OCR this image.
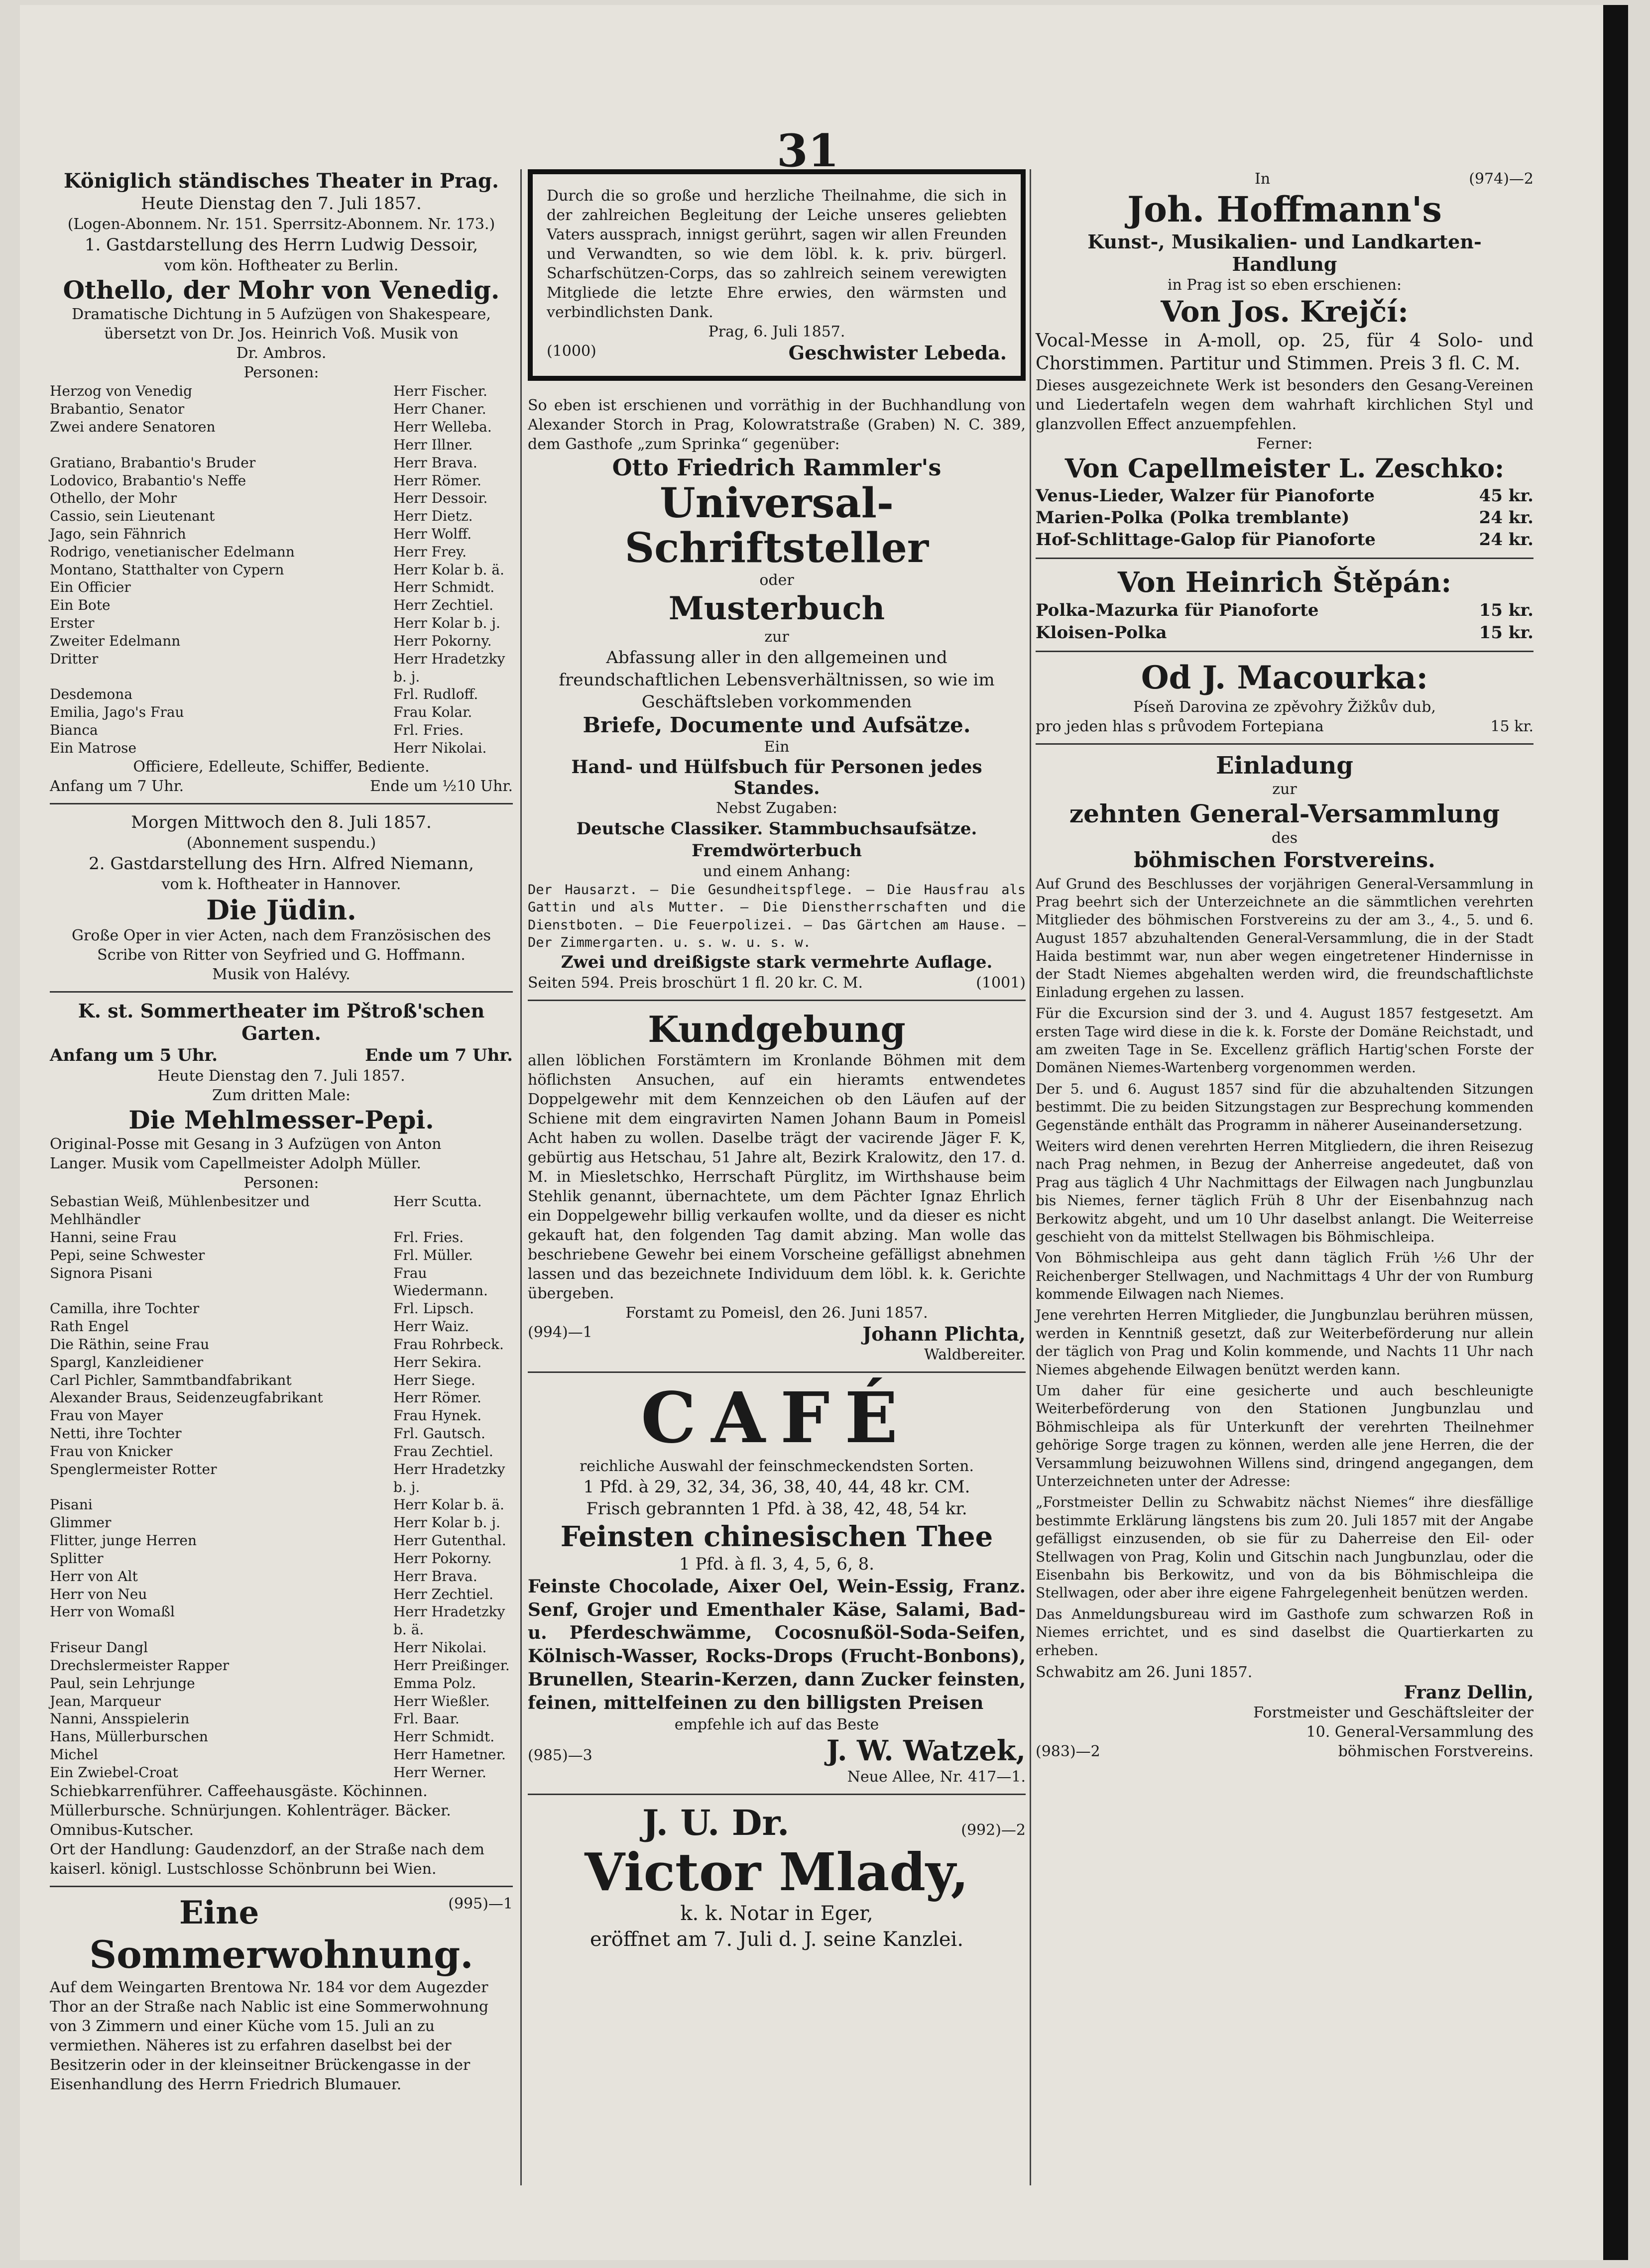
31
Königlich ständisches Theater in Prag.
Heute Dienstag den 7. Juli 1857.
(Logen-Abonnem. Nr. 151. Sperrsitz-Abonnem. Nr. 173.)
1. Gastdarstellung des Herrn Ludwig Dessoir,
vom kön. Hoftheater zu Berlin.
Othello, der Mohr von Venedig.
Dramatische Dichtung in 5 Aufzügen von Shakespeare,
übersetzt von Dr. Jos. Heinrich Voß. Musik von
Dr. Ambros.
Personen:
Herzog von Venedig	Herr Fischer.
Brabantio, Senator	Herr Chaner.
Zwei andere Senatoren	Herr Welleba.
	Herr Illner.
Gratiano, Brabantio's Bruder	Herr Brava.
Lodovico, Brabantio's Neffe	Herr Römer.
Othello, der Mohr	Herr Dessoir.
Cassio, sein Lieutenant	Herr Dietz.
Jago, sein Fähnrich	Herr Wolff.
Rodrigo, venetianischer Edelmann	Herr Frey.
Montano, Statthalter von Cypern	Herr Kolar b. ä.
Ein Officier	Herr Schmidt.
Ein Bote	Herr Zechtiel.
Erster	Herr Kolar b. j.
Zweiter Edelmann	Herr Pokorny.
Dritter	Herr Hradetzky b. j.
Desdemona	Frl. Rudloff.
Emilia, Jago's Frau	Frau Kolar.
Bianca	Frl. Fries.
Ein Matrose	Herr Nikolai.
Officiere, Edelleute, Schiffer, Bediente.
Anfang um 7 Uhr.	Ende um ½10 Uhr.
Morgen Mittwoch den 8. Juli 1857.
(Abonnement suspendu.)
2. Gastdarstellung des Hrn. Alfred Niemann,
vom k. Hoftheater in Hannover.
Die Jüdin.
Große Oper in vier Acten, nach dem Französischen des
Scribe von Ritter von Seyfried und G. Hoffmann.
Musik von Halévy.
K. st. Sommertheater im Pštroß'schen Garten.
Anfang um 5 Uhr.	Ende um 7 Uhr.
Heute Dienstag den 7. Juli 1857.
Zum dritten Male:
Die Mehlmesser-Pepi.
Original-Posse mit Gesang in 3 Aufzügen von Anton
Langer. Musik vom Capellmeister Adolph Müller.
Personen:
Sebastian Weiß, Mühlenbesitzer und Mehlhändler	Herr Scutta.
Hanni, seine Frau	Frl. Fries.
Pepi, seine Schwester	Frl. Müller.
Signora Pisani	Frau Wiedermann.
Camilla, ihre Tochter	Frl. Lipsch.
Rath Engel	Herr Waiz.
Die Räthin, seine Frau	Frau Rohrbeck.
Spargl, Kanzleidiener	Herr Sekira.
Carl Pichler, Sammtbandfabrikant	Herr Siege.
Alexander Braus, Seidenzeugfabrikant	Herr Römer.
Frau von Mayer	Frau Hynek.
Netti, ihre Tochter	Frl. Gautsch.
Frau von Knicker	Frau Zechtiel.
Spenglermeister Rotter	Herr Hradetzky b. j.
Pisani	Herr Kolar b. ä.
Glimmer	Herr Kolar b. j.
Flitter, junge Herren	Herr Gutenthal.
Splitter	Herr Pokorny.
Herr von Alt	Herr Brava.
Herr von Neu	Herr Zechtiel.
Herr von Womaßl	Herr Hradetzky b. ä.
Friseur Dangl	Herr Nikolai.
Drechslermeister Rapper	Herr Preißinger.
Paul, sein Lehrjunge	Emma Polz.
Jean, Marqueur	Herr Wießler.
Nanni, Ansspielerin	Frl. Baar.
Hans, Müllerburschen	Herr Schmidt.
Michel	Herr Hametner.
Ein Zwiebel-Croat	Herr Werner.
Schiebkarrenführer. Caffeehausgäste. Köchinnen. Müllerbursche. Schnürjungen. Kohlenträger. Bäcker. Omnibus-Kutscher.
Ort der Handlung: Gaudenzdorf, an der Straße nach dem kaiserl. königl. Lustschlosse Schönbrunn bei Wien.
Eine	(995)—1
Sommerwohnung.
Auf dem Weingarten Brentowa Nr. 184 vor dem Augezder Thor an der Straße nach Nablic ist eine Sommerwohnung von 3 Zimmern und einer Küche vom 15. Juli an zu vermiethen. Näheres ist zu erfahren daselbst bei der Besitzerin oder in der kleinseitner Brückengasse in der Eisenhandlung des Herrn Friedrich Blumauer.
Durch die so große und herzliche Theilnahme, die sich in der zahlreichen Begleitung der Leiche unseres geliebten Vaters aussprach, innigst gerührt, sagen wir allen Freunden und Verwandten, so wie dem löbl. k. k. priv. bürgerl. Scharfschützen-Corps, das so zahlreich seinem verewigten Mitgliede die letzte Ehre erwies, den wärmsten und verbindlichsten Dank.
Prag, 6. Juli 1857.
(1000)	Geschwister Lebeda.
So eben ist erschienen und vorräthig in der Buchhandlung von Alexander Storch in Prag, Kolowratstraße (Graben) N. C. 389, dem Gasthofe „zum Sprinka“ gegenüber:
Otto Friedrich Rammler's
Universal-Schriftsteller
oder
Musterbuch
zur
Abfassung aller in den allgemeinen und freundschaftlichen Lebensverhältnissen, so wie im Geschäftsleben vorkommenden
Briefe, Documente und Aufsätze.
Ein
Hand- und Hülfsbuch für Personen jedes Standes.
Nebst Zugaben:
Deutsche Classiker. Stammbuchsaufsätze. Fremdwörterbuch
und einem Anhang:
Der Hausarzt. — Die Gesundheitspflege. — Die Hausfrau als Gattin und als Mutter. — Die Dienstherrschaften und die Dienstboten. — Die Feuerpolizei. — Das Gärtchen am Hause. — Der Zimmergarten. u. s. w. u. s. w.
Zwei und dreißigste stark vermehrte Auflage.
Seiten 594. Preis broschürt 1 fl. 20 kr. C. M.	(1001)
Kundgebung
allen löblichen Forstämtern im Kronlande Böhmen mit dem höflichsten Ansuchen, auf ein hieramts entwendetes Doppelgewehr mit dem Kennzeichen ob den Läufen auf der Schiene mit dem eingravirten Namen Johann Baum in Pomeisl Acht haben zu wollen. Daselbe trägt der vacirende Jäger F. K, gebürtig aus Hetschau, 51 Jahre alt, Bezirk Kralowitz, den 17. d. M. in Miesletschko, Herrschaft Pürglitz, im Wirthshause beim Stehlik genannt, übernachtete, um dem Pächter Ignaz Ehrlich ein Doppelgewehr billig verkaufen wollte, und da dieser es nicht gekauft hat, den folgenden Tag damit abzing. Man wolle das beschriebene Gewehr bei einem Vorscheine gefälligst abnehmen lassen und das bezeichnete Individuum dem löbl. k. k. Gerichte übergeben.
Forstamt zu Pomeisl, den 26. Juni 1857.
(994)—1	Johann Plichta,
Waldbereiter.
CAFÉ
reichliche Auswahl der feinschmeckendsten Sorten.
1 Pfd. à 29, 32, 34, 36, 38, 40, 44, 48 kr. CM.
Frisch gebrannten 1 Pfd. à 38, 42, 48, 54 kr.
Feinsten chinesischen Thee
1 Pfd. à fl. 3, 4, 5, 6, 8.
Feinste Chocolade, Aixer Oel, Wein-Essig, Franz. Senf, Grojer und Ementhaler Käse, Salami, Bad- u. Pferdeschwämme, Cocosnußöl-Soda-Seifen, Kölnisch-Wasser, Rocks-Drops (Frucht-Bonbons), Brunellen, Stearin-Kerzen, dann Zucker feinsten, feinen, mittelfeinen zu den billigsten Preisen
empfehle ich auf das Beste
(985)—3	J. W. Watzek,
Neue Allee, Nr. 417—1.
J. U. Dr.	(992)—2
Victor Mlady,
k. k. Notar in Eger,
eröffnet am 7. Juli d. J. seine Kanzlei.
In	(974)—2
Joh. Hoffmann's
Kunst-, Musikalien- und Landkarten-Handlung
in Prag ist so eben erschienen:
Von Jos. Krejčí:
Vocal-Messe in A-moll, op. 25, für 4 Solo- und Chorstimmen. Partitur und Stimmen. Preis 3 fl. C. M.
Dieses ausgezeichnete Werk ist besonders den Gesang-Vereinen und Liedertafeln wegen dem wahrhaft kirchlichen Styl und glanzvollen Effect anzuempfehlen.
Ferner:
Von Capellmeister L. Zeschko:
Venus-Lieder, Walzer für Pianoforte	45 kr.
Marien-Polka (Polka tremblante)	24 kr.
Hof-Schlittage-Galop für Pianoforte	24 kr.
Von Heinrich Štěpán:
Polka-Mazurka für Pianoforte	15 kr.
Kloisen-Polka	15 kr.
Od J. Macourka:
Píseň Darovina ze zpěvohry Žižkův dub,
pro jeden hlas s průvodem Fortepiana	15 kr.
Einladung
zur
zehnten General-Versammlung
des
böhmischen Forstvereins.

Auf Grund des Beschlusses der vorjährigen General-Versammlung in Prag beehrt sich der Unterzeichnete an die sämmtlichen verehrten Mitglieder des böhmischen Forstvereins zu der am 3., 4., 5. und 6. August 1857 abzuhaltenden General-Versammlung, die in der Stadt Haida bestimmt war, nun aber wegen eingetretener Hindernisse in der Stadt Niemes abgehalten werden wird, die freundschaftlichste Einladung ergehen zu lassen.

Für die Excursion sind der 3. und 4. August 1857 festgesetzt. Am ersten Tage wird diese in die k. k. Forste der Domäne Reichstadt, und am zweiten Tage in Se. Excellenz gräflich Hartig'schen Forste der Domänen Niemes-Wartenberg vorgenommen werden.

Der 5. und 6. August 1857 sind für die abzuhaltenden Sitzungen bestimmt. Die zu beiden Sitzungstagen zur Besprechung kommenden Gegenstände enthält das Programm in näherer Auseinandersetzung.

Weiters wird denen verehrten Herren Mitgliedern, die ihren Reisezug nach Prag nehmen, in Bezug der Anherreise angedeutet, daß von Prag aus täglich 4 Uhr Nachmittags der Eilwagen nach Jungbunzlau bis Niemes, ferner täglich Früh 8 Uhr der Eisenbahnzug nach Berkowitz abgeht, und um 10 Uhr daselbst anlangt. Die Weiterreise geschieht von da mittelst Stellwagen bis Böhmischleipa.

Von Böhmischleipa aus geht dann täglich Früh ½6 Uhr der Reichenberger Stellwagen, und Nachmittags 4 Uhr der von Rumburg kommende Eilwagen nach Niemes.

Jene verehrten Herren Mitglieder, die Jungbunzlau berühren müssen, werden in Kenntniß gesetzt, daß zur Weiterbeförderung nur allein der täglich von Prag und Kolin kommende, und Nachts 11 Uhr nach Niemes abgehende Eilwagen benützt werden kann.

Um daher für eine gesicherte und auch beschleunigte Weiterbeförderung von den Stationen Jungbunzlau und Böhmischleipa als für Unterkunft der verehrten Theilnehmer gehörige Sorge tragen zu können, werden alle jene Herren, die der Versammlung beizuwohnen Willens sind, dringend angegangen, dem Unterzeichneten unter der Adresse:

„Forstmeister Dellin zu Schwabitz nächst Niemes“ ihre diesfällige bestimmte Erklärung längstens bis zum 20. Juli 1857 mit der Angabe gefälligst einzusenden, ob sie für zu Daherreise den Eil- oder Stellwagen von Prag, Kolin und Gitschin nach Jungbunzlau, oder die Eisenbahn bis Berkowitz, und von da bis Böhmischleipa die Stellwagen, oder aber ihre eigene Fahrgelegenheit benützen werden.

Das Anmeldungsbureau wird im Gasthofe zum schwarzen Roß in Niemes errichtet, und es sind daselbst die Quartierkarten zu erheben.

Schwabitz am 26. Juni 1857.
Franz Dellin,
Forstmeister und Geschäftsleiter der
10. General-Versammlung des
(983)—2	böhmischen Forstvereins.
